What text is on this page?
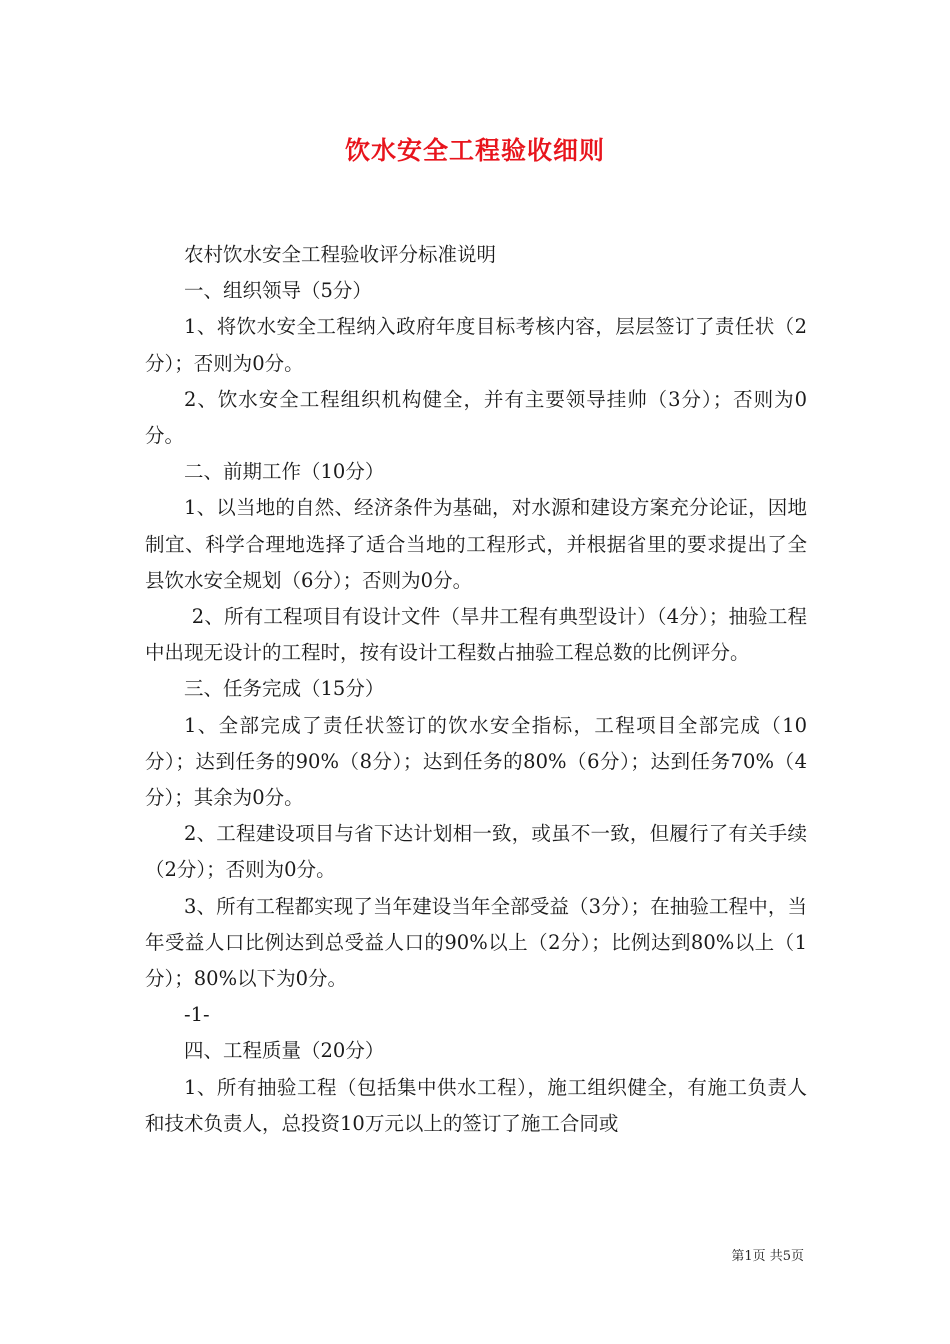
饮水安全工程验收细则

农村饮水安全工程验收评分标准说明

一、组织领导（5分）

1、将饮水安全工程纳入政府年度目标考核内容，层层签订了责任状（2分）；否则为0分。

2、饮水安全工程组织机构健全，并有主要领导挂帅（3分）；否则为0分。

二、前期工作（10分）

1、以当地的自然、经济条件为基础，对水源和建设方案充分论证，因地制宜、科学合理地选择了适合当地的工程形式，并根据省里的要求提出了全县饮水安全规划（6分）；否则为0分。

2、所有工程项目有设计文件（旱井工程有典型设计）（4分）；抽验工程中出现无设计的工程时，按有设计工程数占抽验工程总数的比例评分。

三、任务完成（15分）

1、全部完成了责任状签订的饮水安全指标，工程项目全部完成（10分）；达到任务的90%（8分）；达到任务的80%（6分）；达到任务70%（4分）；其余为0分。

2、工程建设项目与省下达计划相一致，或虽不一致，但履行了有关手续（2分）；否则为0分。

3、所有工程都实现了当年建设当年全部受益（3分）；在抽验工程中，当年受益人口比例达到总受益人口的90%以上（2分）；比例达到80%以上（1分）；80%以下为0分。

-1-

四、工程质量（20分）

1、所有抽验工程（包括集中供水工程），施工组织健全，有施工负责人和技术负责人，总投资10万元以上的签订了施工合同或

第1页 共5页
